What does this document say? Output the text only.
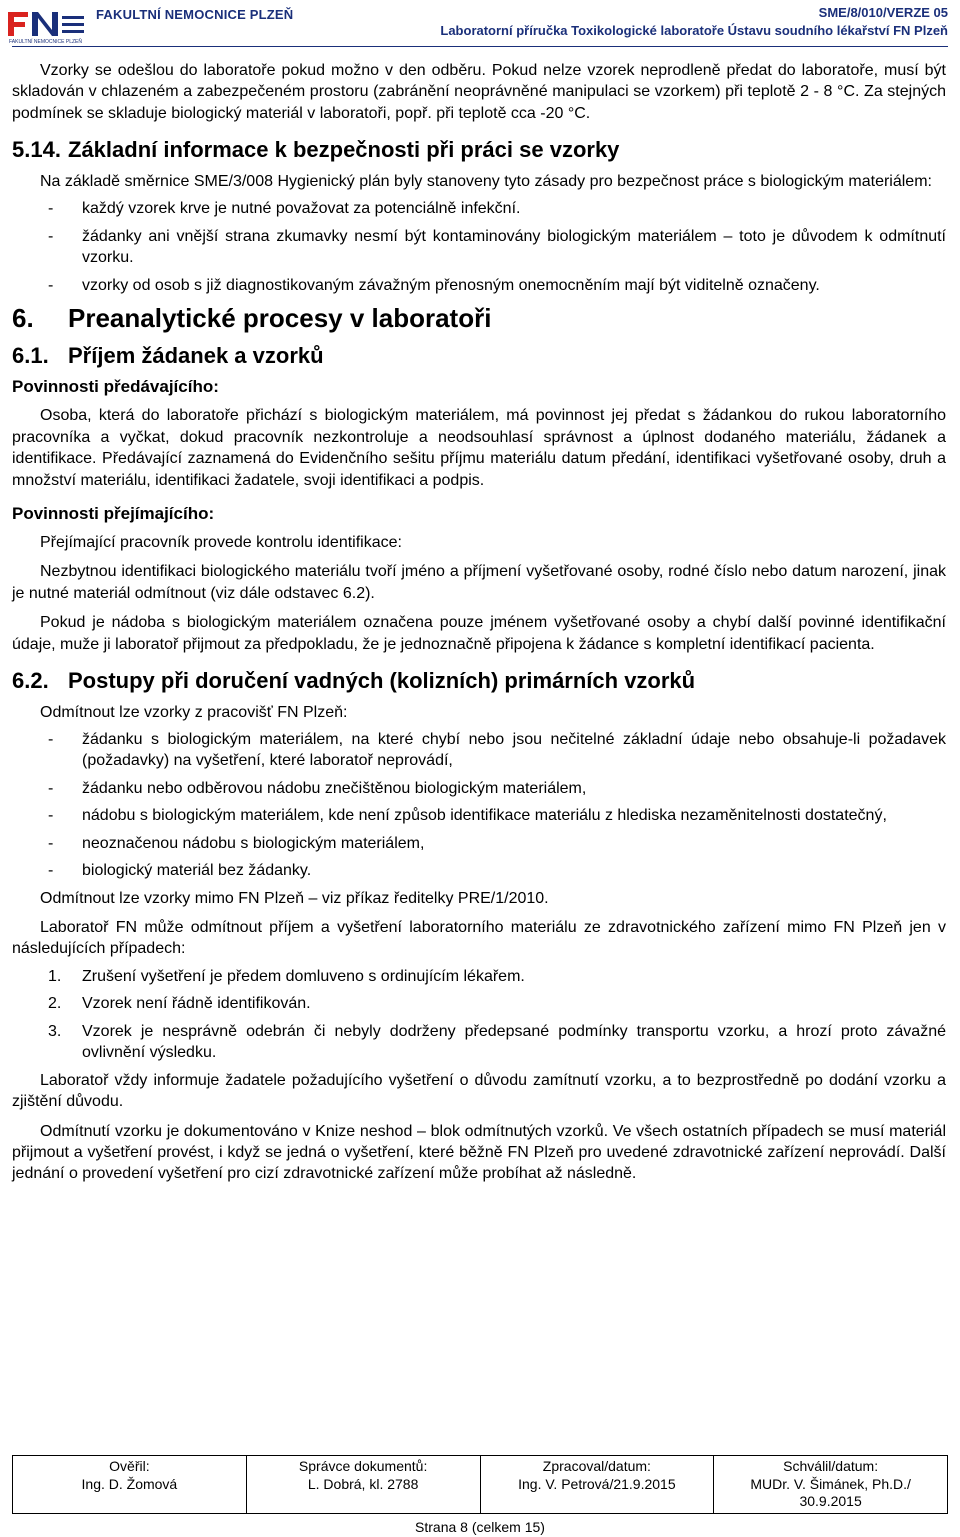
FAKULTNÍ NEMOCNICE PLZEŇ
FAKULTNÍ NEMOCNICE PLZEŇ	SME/8/010/VERZE 05
Laboratorní příručka Toxikologické laboratoře Ústavu soudního lékařství FN Plzeň

Vzorky se odešlou do laboratoře pokud možno v den odběru. Pokud nelze vzorek neprodleně předat do laboratoře, musí být skladován v chlazeném a zabezpečeném prostoru (zabránění neoprávněné manipulaci se vzorkem) při teplotě 2 - 8 °C. Za stejných podmínek se skladuje biologický materiál v laboratoři, popř. při teplotě cca -20 °C.

5.14. Základní informace k bezpečnosti při práci se vzorky

Na základě směrnice SME/3/008 Hygienický plán byly stanoveny tyto zásady pro bezpečnost práce s biologickým materiálem:

- každý vzorek krve je nutné považovat za potenciálně infekční.
- žádanky ani vnější strana zkumavky nesmí být kontaminovány biologickým materiálem – toto je důvodem k odmítnutí vzorku.
- vzorky od osob s již diagnostikovaným závažným přenosným onemocněním mají být viditelně označeny.
6. Preanalytické procesy v laboratoři
6.1. Příjem žádanek a vzorků

Povinnosti předávajícího:

Osoba, která do laboratoře přichází s biologickým materiálem, má povinnost jej předat s žádankou do rukou laboratorního pracovníka a vyčkat, dokud pracovník nezkontroluje a neodsouhlasí správnost a úplnost dodaného materiálu, žádanek a identifikace. Předávající zaznamená do Evidenčního sešitu příjmu materiálu datum předání, identifikaci vyšetřované osoby, druh a množství materiálu, identifikaci žadatele, svoji identifikaci a podpis.

Povinnosti přejímajícího:

Přejímající pracovník provede kontrolu identifikace:

Nezbytnou identifikaci biologického materiálu tvoří jméno a příjmení vyšetřované osoby, rodné číslo nebo datum narození, jinak je nutné materiál odmítnout (viz dále odstavec 6.2).

Pokud je nádoba s biologickým materiálem označena pouze jménem vyšetřované osoby a chybí další povinné identifikační údaje, muže ji laboratoř přijmout za předpokladu, že je jednoznačně připojena k žádance s kompletní identifikací pacienta.

6.2. Postupy při doručení vadných (kolizních) primárních vzorků

Odmítnout lze vzorky z pracovišť FN Plzeň:

- žádanku s biologickým materiálem, na které chybí nebo jsou nečitelné základní údaje nebo obsahuje-li požadavek (požadavky) na vyšetření, které laboratoř neprovádí,
- žádanku nebo odběrovou nádobu znečištěnou biologickým materiálem,
- nádobu s biologickým materiálem, kde není způsob identifikace materiálu z hlediska nezaměnitelnosti dostatečný,
- neoznačenou nádobu s biologickým materiálem,
- biologický materiál bez žádanky.

Odmítnout lze vzorky mimo FN Plzeň – viz příkaz ředitelky PRE/1/2010.

Laboratoř FN může odmítnout příjem a vyšetření laboratorního materiálu ze zdravotnického zařízení mimo FN Plzeň jen v následujících případech:

1. Zrušení vyšetření je předem domluveno s ordinujícím lékařem.
2. Vzorek není řádně identifikován.
3. Vzorek je nesprávně odebrán či nebyly dodrženy předepsané podmínky transportu vzorku, a hrozí proto závažné ovlivnění výsledku.

Laboratoř vždy informuje žadatele požadujícího vyšetření o důvodu zamítnutí vzorku, a to bezprostředně po dodání vzorku a zjištění důvodu.

Odmítnutí vzorku je dokumentováno v Knize neshod – blok odmítnutých vzorků. Ve všech ostatních případech se musí materiál přijmout a vyšetření provést, i když se jedná o vyšetření, které běžně FN Plzeň pro uvedené zdravotnické zařízení neprovádí. Další jednání o provedení vyšetření pro cizí zdravotnické zařízení může probíhat až následně.

Ověřil:
Ing. D. Žomová

Správce dokumentů:
L. Dobrá, kl. 2788

Zpracoval/datum:
Ing. V. Petrová/21.9.2015

Schválil/datum:
MUDr. V. Šimánek, Ph.D./ 30.9.2015
Strana 8 (celkem 15)
